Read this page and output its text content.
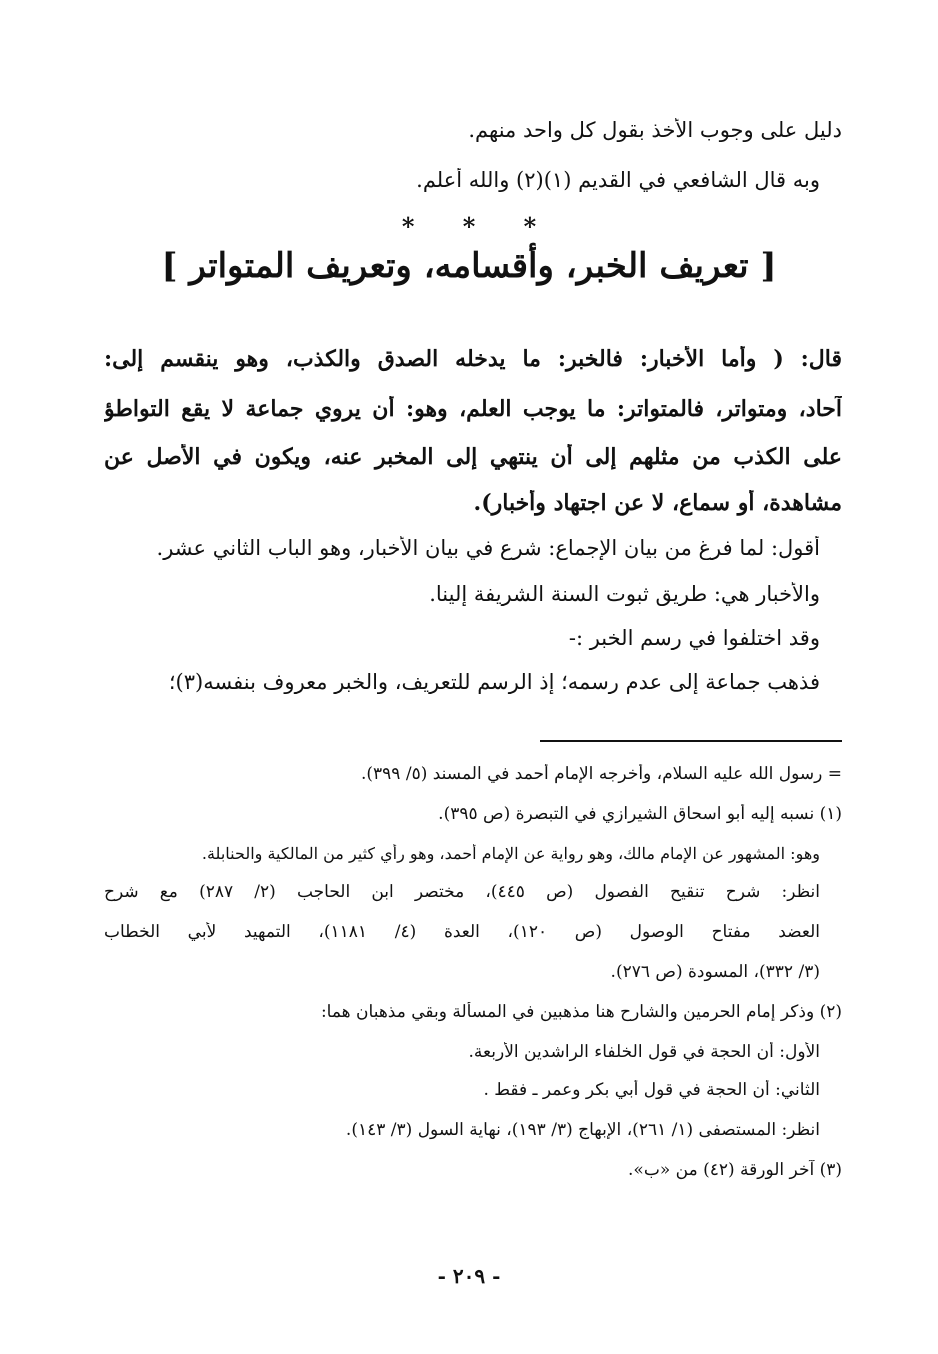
دليل على وجوب الأخذ بقول كل واحد منهم.
وبه قال الشافعي في القديم (١)(٢) والله أعلم.
* * *
[ تعريف الخبر، وأقسامه، وتعريف المتواتر ]
قال: ( وأما الأخبار: فالخبر: ما يدخله الصدق والكذب، وهو ينقسم إلى:
آحاد، ومتواتر، فالمتواتر: ما يوجب العلم، وهو: أن يروي جماعة لا يقع التواطؤ
على الكذب من مثلهم إلى أن ينتهي إلى المخبر عنه، ويكون في الأصل عن
مشاهدة، أو سماع، لا عن اجتهاد وأخبار).
أقول: لما فرغ من بيان الإجماع: شرع في بيان الأخبار، وهو الباب الثاني عشر.
والأخبار هي: طريق ثبوت السنة الشريفة إلينا.
وقد اختلفوا في رسم الخبر :-
فذهب جماعة إلى عدم رسمه؛ إذ الرسم للتعريف، والخبر معروف بنفسه(٣)؛
= رسول الله عليه السلام، وأخرجه الإمام أحمد في المسند (٥/ ٣٩٩).
(١) نسبه إليه أبو اسحاق الشيرازي في التبصرة (ص ٣٩٥).
وهو: المشهور عن الإمام مالك، وهو رواية عن الإمام أحمد، وهو رأي كثير من المالكية والحنابلة.
انظر: شرح تنقيح الفصول (ص ٤٤٥)، مختصر ابن الحاجب (٢/ ٢٨٧) مع شرح
العضد مفتاح الوصول (ص ١٢٠)، العدة (٤/ ١١٨١)، التمهيد لأبي الخطاب
(٣/ ٣٣٢)، المسودة (ص ٢٧٦).
(٢) وذكر إمام الحرمين والشارح هنا مذهبين في المسألة وبقي مذهبان هما:
الأول: أن الحجة في قول الخلفاء الراشدين الأربعة.
الثاني: أن الحجة في قول أبي بكر وعمر ـ فقط .
انظر: المستصفى (١/ ٢٦١)، الإبهاج (٣/ ١٩٣)، نهاية السول (٣/ ١٤٣).
(٣) آخر الورقة (٤٢) من «ب».
- ٢٠٩ -
